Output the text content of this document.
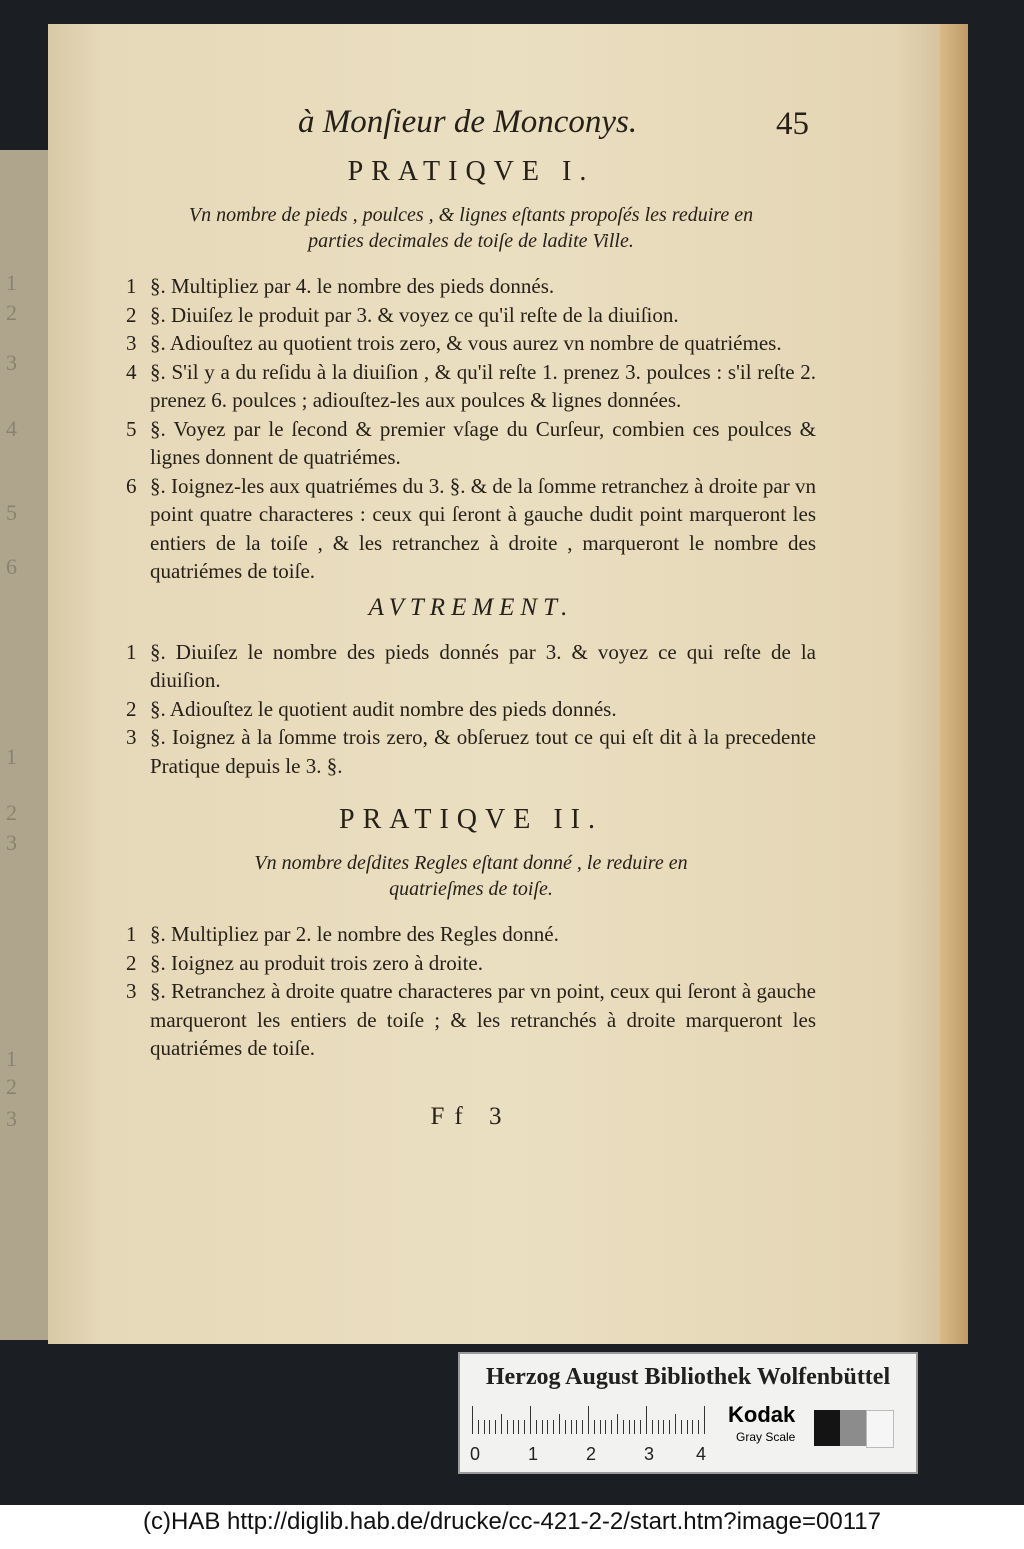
1
2
3
4
5
6
1
2
3
1
2
3
à Monſieur de Monconys.	45
PRATIQVE I.
Vn nombre de pieds , poulces , & lignes eſtants propoſés les reduire en
parties decimales de toiſe de ladite Ville.
1 §. Multipliez par 4. le nombre des pieds donnés.
2 §. Diuiſez le produit par 3. & voyez ce qu'il reſte de la diuiſion.
3 §. Adiouſtez au quotient trois zero, & vous aurez vn nombre de quatriémes.
4 §. S'il y a du reſidu à la diuiſion , & qu'il reſte 1. prenez 3. poulces : s'il reſte 2. prenez 6. poulces ; adiouſtez-les aux poulces & lignes données.
5 §. Voyez par le ſecond & premier vſage du Curſeur, combien ces poulces & lignes donnent de quatriémes.
6 §. Ioignez-les aux quatriémes du 3. §. & de la ſomme retranchez à droite par vn point quatre characteres : ceux qui ſeront à gauche dudit point marqueront les entiers de la toiſe , & les retranchez à droite , marqueront le nombre des quatriémes de toiſe.
AVTREMENT.
1 §. Diuiſez le nombre des pieds donnés par 3. & voyez ce qui reſte de la diuiſion.
2 §. Adiouſtez le quotient audit nombre des pieds donnés.
3 §. Ioignez à la ſomme trois zero, & obſeruez tout ce qui eſt dit à la precedente Pratique depuis le 3. §.
PRATIQVE II.
Vn nombre deſdites Regles eſtant donné , le reduire en
quatrieſmes de toiſe.
1 §. Multipliez par 2. le nombre des Regles donné.
2 §. Ioignez au produit trois zero à droite.
3 §. Retranchez à droite quatre characteres par vn point, ceux qui ſeront à gauche marqueront les entiers de toiſe ; & les retranchés à droite marqueront les quatriémes de toiſe.
Ff 3
Herzog August Bibliothek Wolfenbüttel
0	1	2	3 4
Kodak
Gray Scale
(c)HAB http://diglib.hab.de/drucke/cc-421-2-2/start.htm?image=00117
